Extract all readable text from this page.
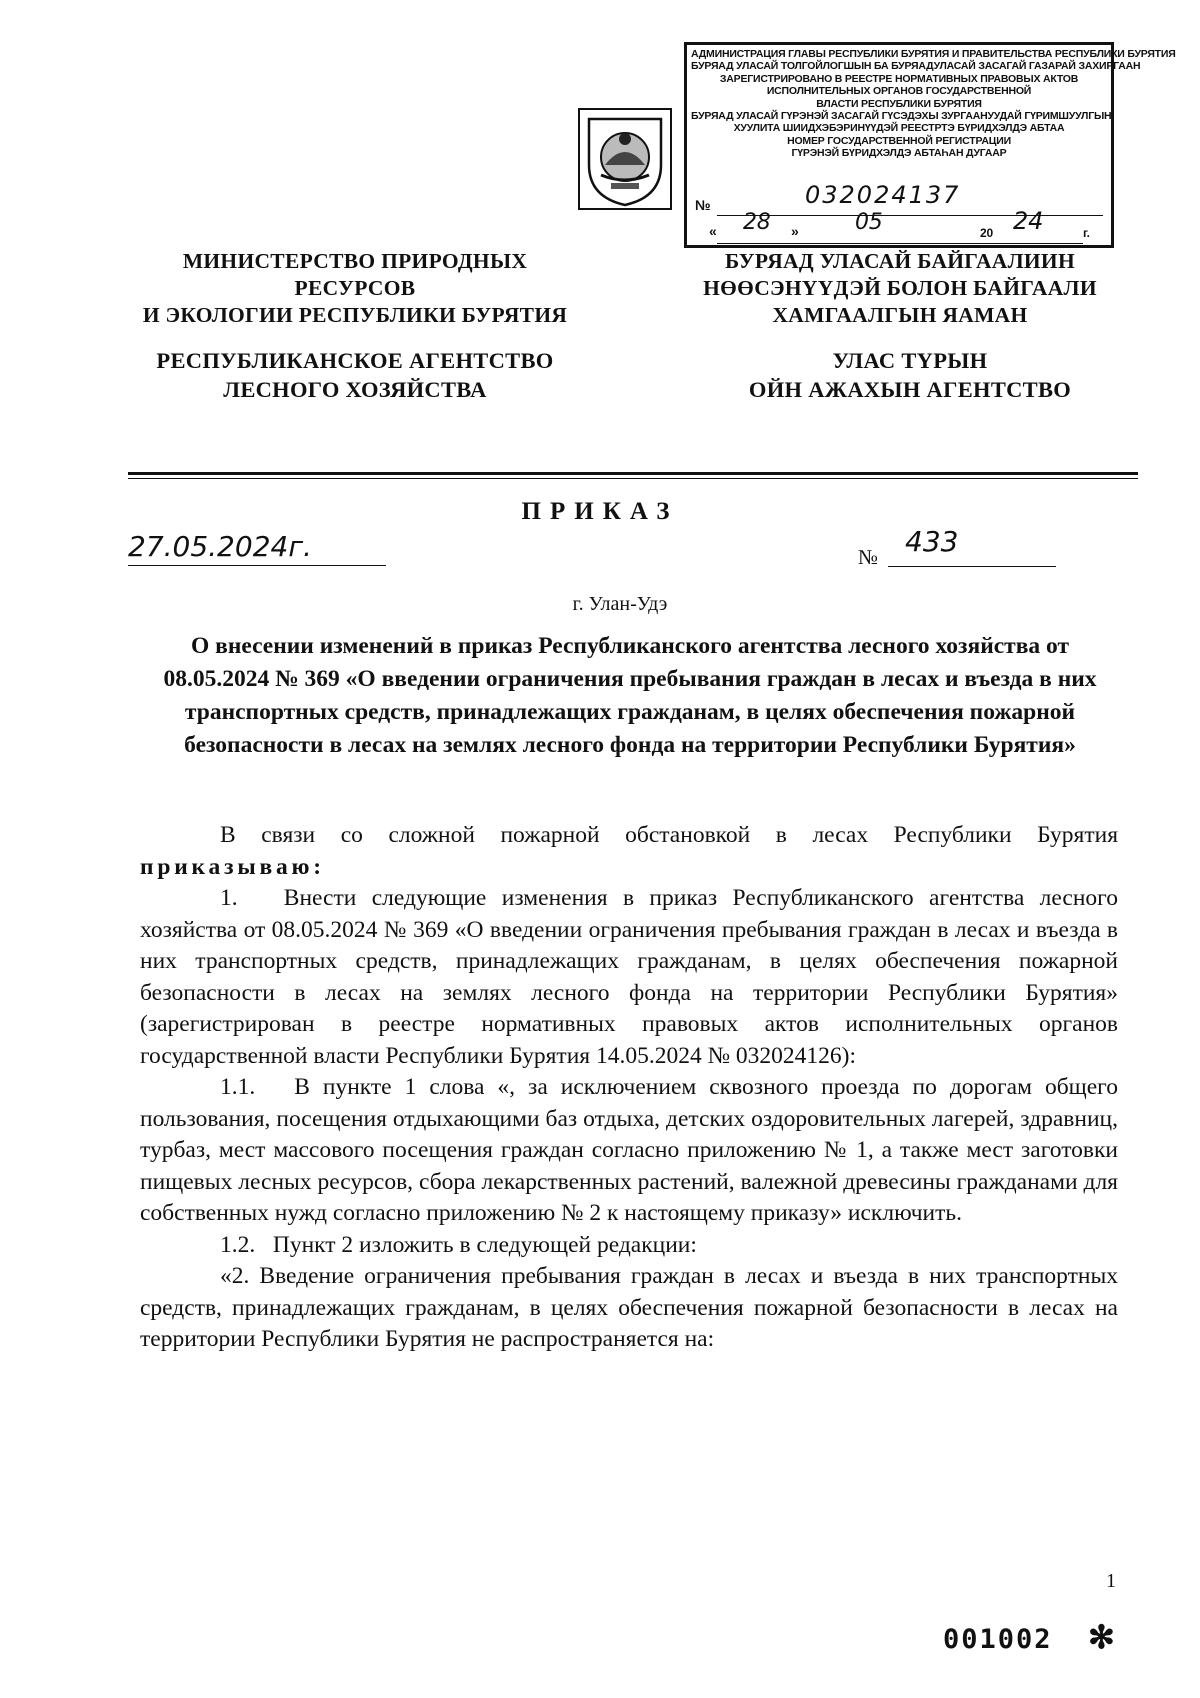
АДМИНИСТРАЦИЯ ГЛАВЫ РЕСПУБЛИКИ БУРЯТИЯ И ПРАВИТЕЛЬСТВА РЕСПУБЛИКИ БУРЯТИЯ
БУРЯАД УЛАСАЙ ТОЛГОЙЛОГШЫН БА БУРЯАДУЛАСАЙ ЗАСАГАЙ ГАЗАРАЙ ЗАХИРГААН
ЗАРЕГИСТРИРОВАНО В РЕЕСТРЕ НОРМАТИВНЫХ ПРАВОВЫХ АКТОВ
ИСПОЛНИТЕЛЬНЫХ ОРГАНОВ ГОСУДАРСТВЕННОЙ
ВЛАСТИ РЕСПУБЛИКИ БУРЯТИЯ
БУРЯАД УЛАСАЙ ГҮРЭНЭЙ ЗАСАГАЙ ГҮСЭДЭХЫ ЗУРГААНУУДАЙ ГҮРИМШУУЛГЫН
ХУУЛИТА ШИИДХЭБЭРИНҮҮДЭЙ РЕЕСТРТЭ БҮРИДХЭЛДЭ АБТАА
НОМЕР ГОСУДАРСТВЕННОЙ РЕГИСТРАЦИИ
ГҮРЭНЭЙ БҮРИДХЭЛДЭ АБТАҺАН ДУГААР
№	032024137
« 28 »	05	20 24	г.
МИНИСТЕРСТВО ПРИРОДНЫХ РЕСУРСОВ
И ЭКОЛОГИИ РЕСПУБЛИКИ БУРЯТИЯ
БУРЯАД УЛАСАЙ БАЙГААЛИИН
НӨӨСЭНҮҮДЭЙ БОЛОН БАЙГААЛИ
ХАМГААЛГЫН ЯАМАН
РЕСПУБЛИКАНСКОЕ АГЕНТСТВО
ЛЕСНОГО ХОЗЯЙСТВА
УЛАС ТҮРЫН
ОЙН АЖАХЫН АГЕНТСТВО
ПРИКАЗ
27.05.2024г.	№ 433
г. Улан-Удэ
О внесении изменений в приказ Республиканского агентства лесного хозяйства от 08.05.2024 № 369 «О введении ограничения пребывания граждан в лесах и въезда в них транспортных средств, принадлежащих гражданам, в целях обеспечения пожарной безопасности в лесах на землях лесного фонда на территории Республики Бурятия»
В связи со сложной пожарной обстановкой в лесах Республики Бурятия приказываю:
1.   Внести следующие изменения в приказ Республиканского агентства лесного хозяйства от 08.05.2024 № 369 «О введении ограничения пребывания граждан в лесах и въезда в них транспортных средств, принадлежащих гражданам, в целях обеспечения пожарной безопасности в лесах на землях лесного фонда на территории Республики Бурятия» (зарегистрирован в реестре нормативных правовых актов исполнительных органов государственной власти Республики Бурятия 14.05.2024 № 032024126):
1.1.   В пункте 1 слова «, за исключением сквозного проезда по дорогам общего пользования, посещения отдыхающими баз отдыха, детских оздоровительных лагерей, здравниц, турбаз, мест массового посещения граждан согласно приложению № 1, а также мест заготовки пищевых лесных ресурсов, сбора лекарственных растений, валежной древесины гражданами для собственных нужд согласно приложению № 2 к настоящему приказу» исключить.
1.2.   Пункт 2 изложить в следующей редакции:
«2. Введение ограничения пребывания граждан в лесах и въезда в них транспортных средств, принадлежащих гражданам, в целях обеспечения пожарной безопасности в лесах на территории Республики Бурятия не распространяется на:
1
001002 ✻
